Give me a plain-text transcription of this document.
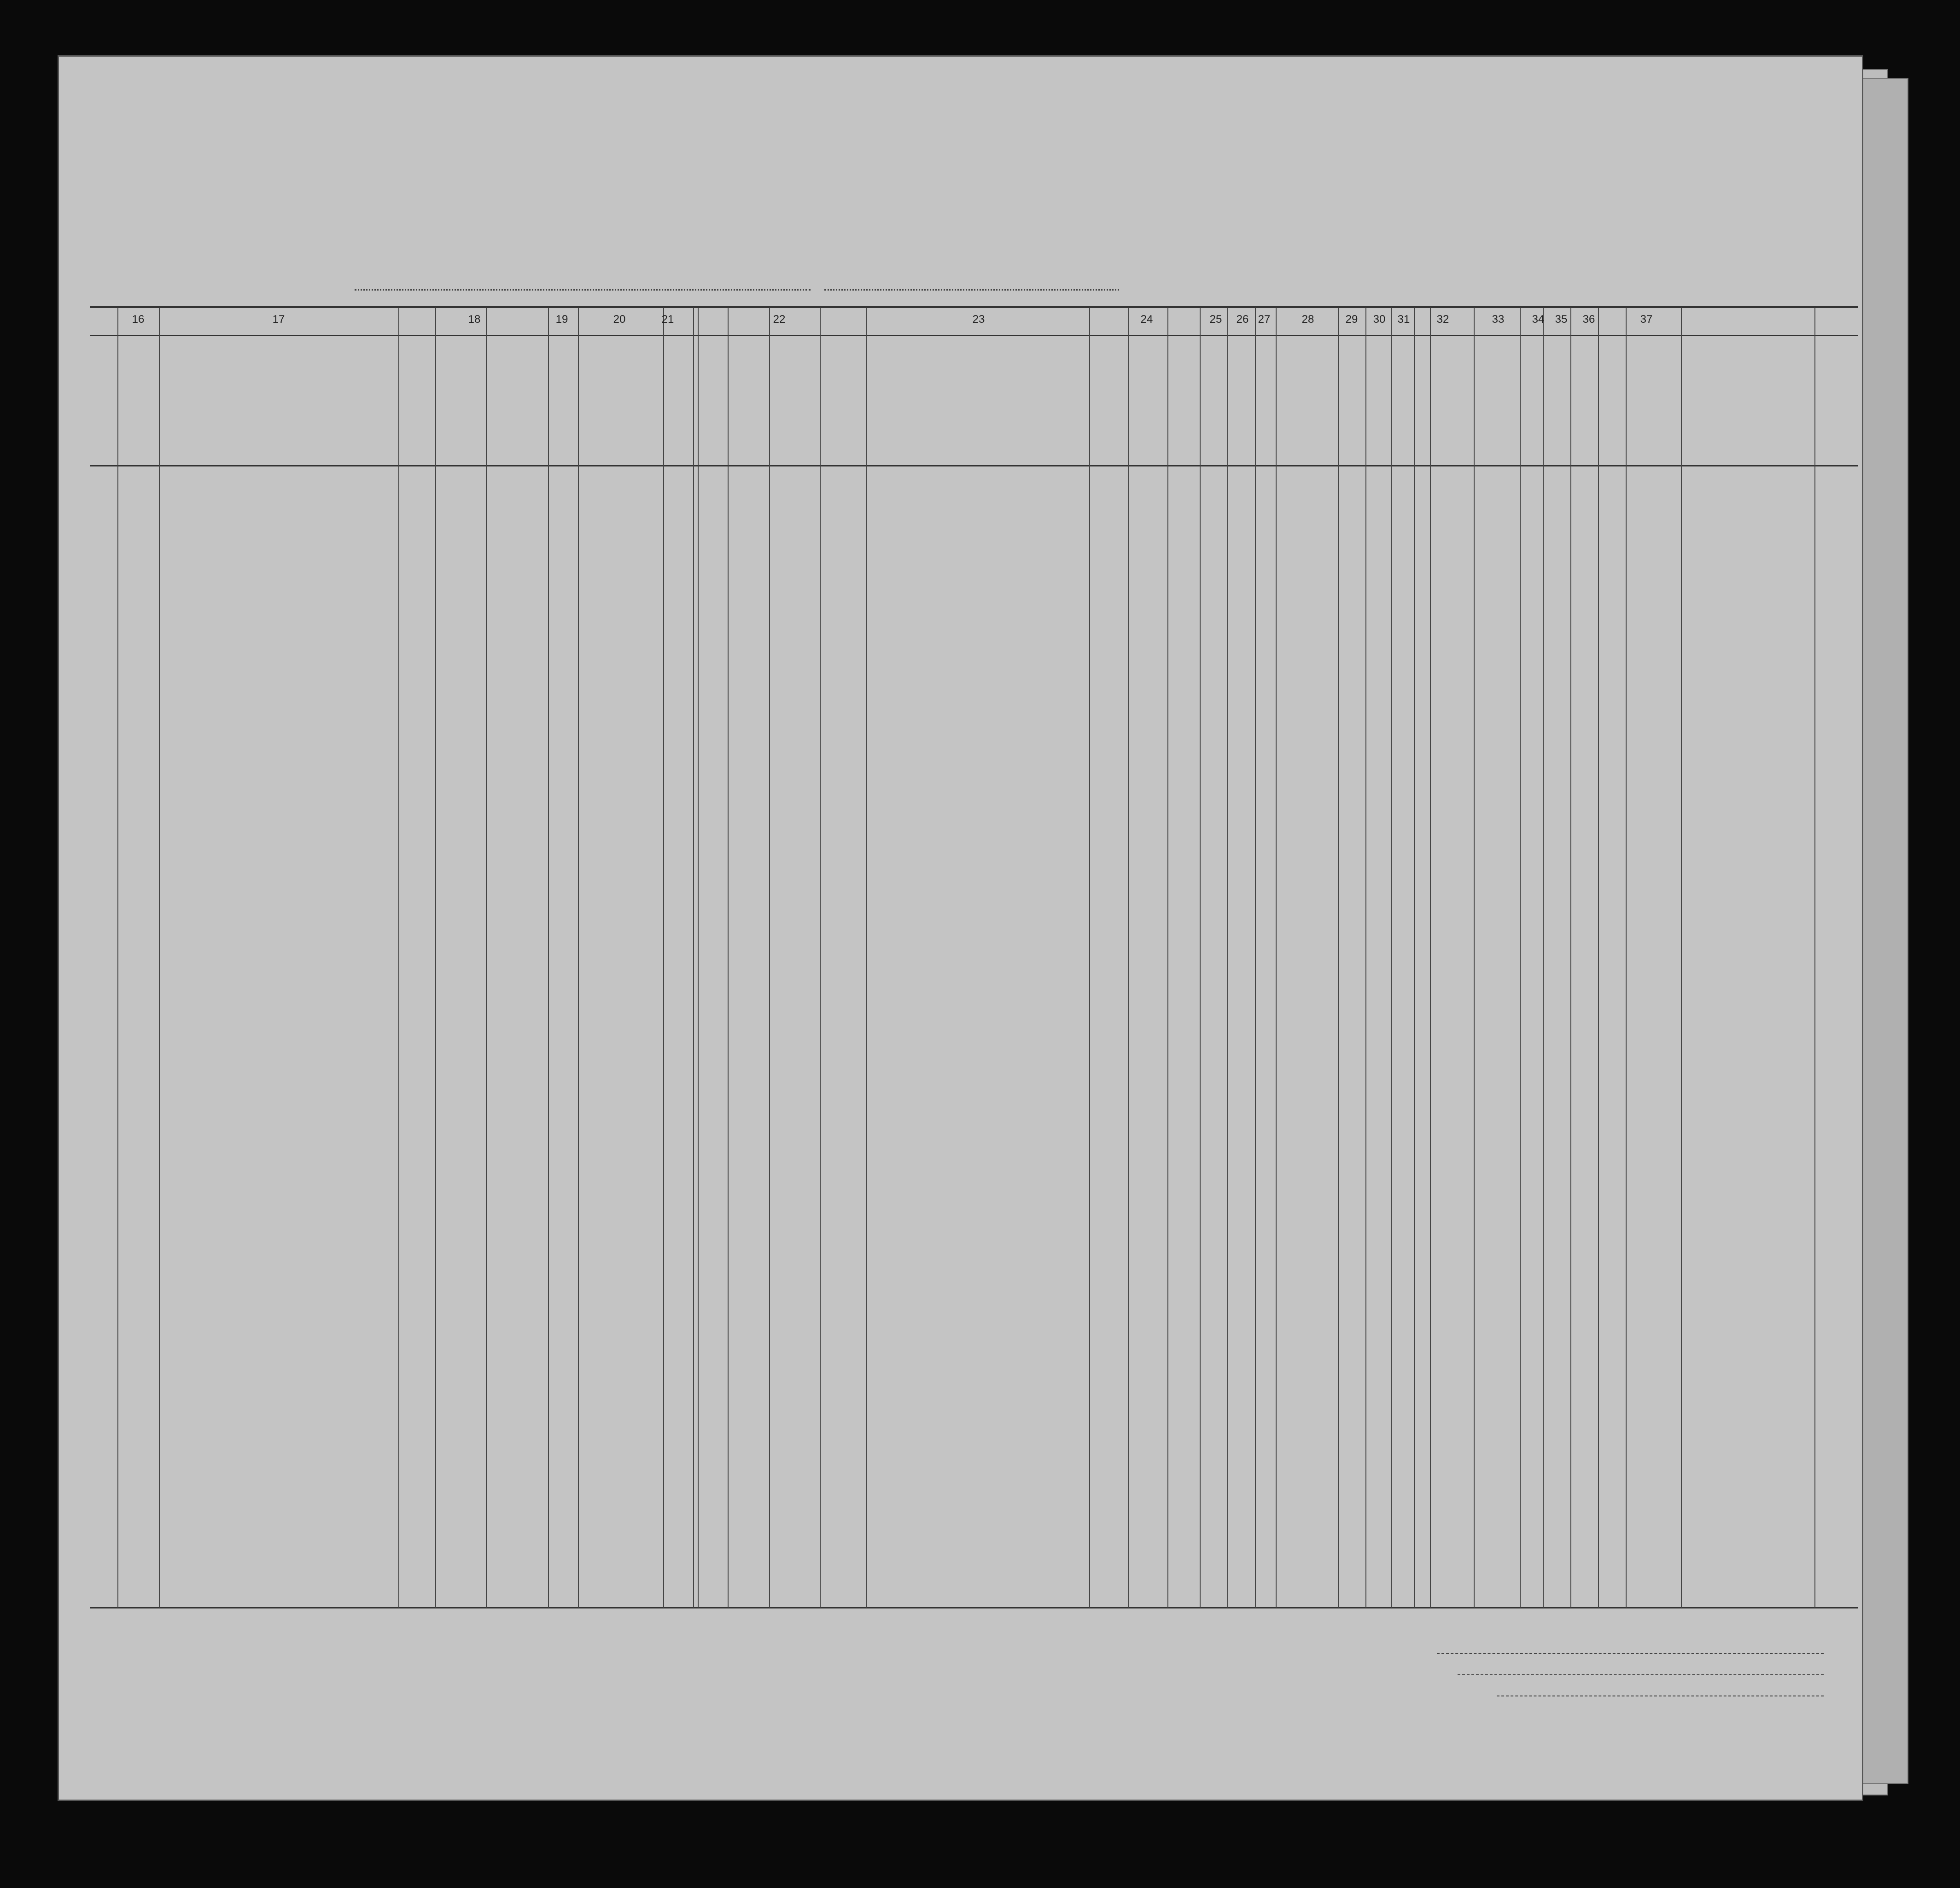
16	17	18	19	20	21	22	23	24	25 26 27	28	29 30 31 32	33	34 35 36	37
